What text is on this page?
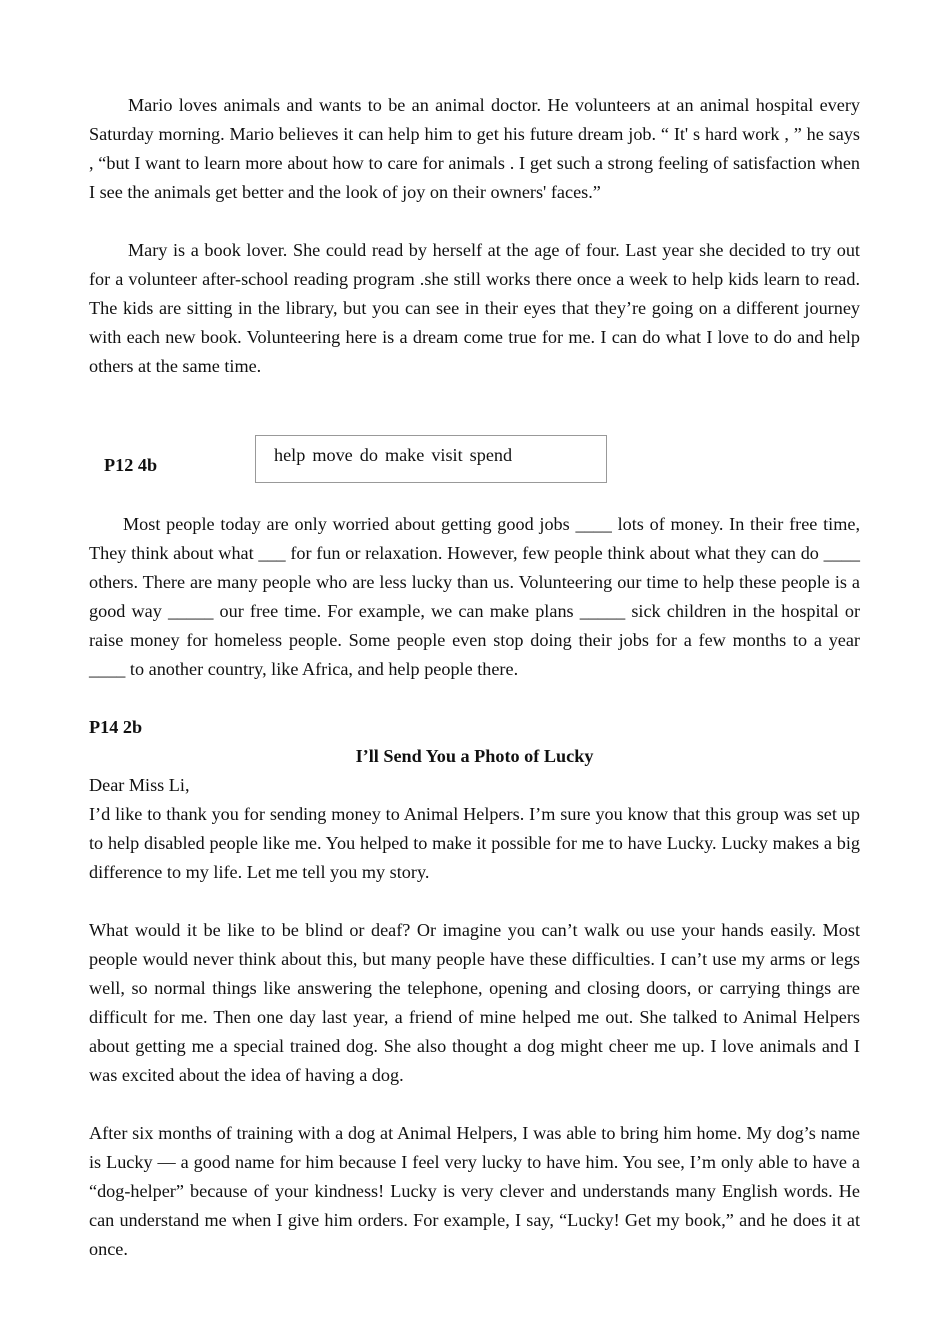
Mario loves animals and wants to be an animal doctor. He volunteers at an animal hospital every Saturday morning. Mario believes it can help him to get his future dream job. “ It' s hard work , ” he says , “but I want to learn more about how to care for animals . I get such a strong feeling of satisfaction when I see the animals get better and the look of joy on their owners' faces.”

Mary is a book lover. She could read by herself at the age of four. Last year she decided to try out for a volunteer after-school reading program .she still works there once a week to help kids learn to read. The kids are sitting in the library, but you can see in their eyes that they’re going on a different journey with each new book. Volunteering here is a dream come true for me. I can do what I love to do and help others at the same time.

P12 4b	help move do make visit spend

Most people today are only worried about getting good jobs ____ lots of money. In their free time, They think about what ___ for fun or relaxation. However, few people think about what they can do ____ others. There are many people who are less lucky than us. Volunteering our time to help these people is a good way _____ our free time. For example, we can make plans _____ sick children in the hospital or raise money for homeless people. Some people even stop doing their jobs for a few months to a year ____ to another country, like Africa, and help people there.

P14 2b

I’ll Send You a Photo of Lucky

Dear Miss Li,

I’d like to thank you for sending money to Animal Helpers. I’m sure you know that this group was set up to help disabled people like me. You helped to make it possible for me to have Lucky. Lucky makes a big difference to my life. Let me tell you my story.

What would it be like to be blind or deaf? Or imagine you can’t walk ou use your hands easily. Most people would never think about this, but many people have these difficulties. I can’t use my arms or legs well, so normal things like answering the telephone, opening and closing doors, or carrying things are difficult for me. Then one day last year, a friend of mine helped me out. She talked to Animal Helpers about getting me a special trained dog. She also thought a dog might cheer me up. I love animals and I was excited about the idea of having a dog.

After six months of training with a dog at Animal Helpers, I was able to bring him home. My dog’s name is Lucky — a good name for him because I feel very lucky to have him. You see, I’m only able to have a “dog-helper” because of your kindness! Lucky is very clever and understands many English words. He can understand me when I give him orders. For example, I say, “Lucky! Get my book,” and he does it at once.
